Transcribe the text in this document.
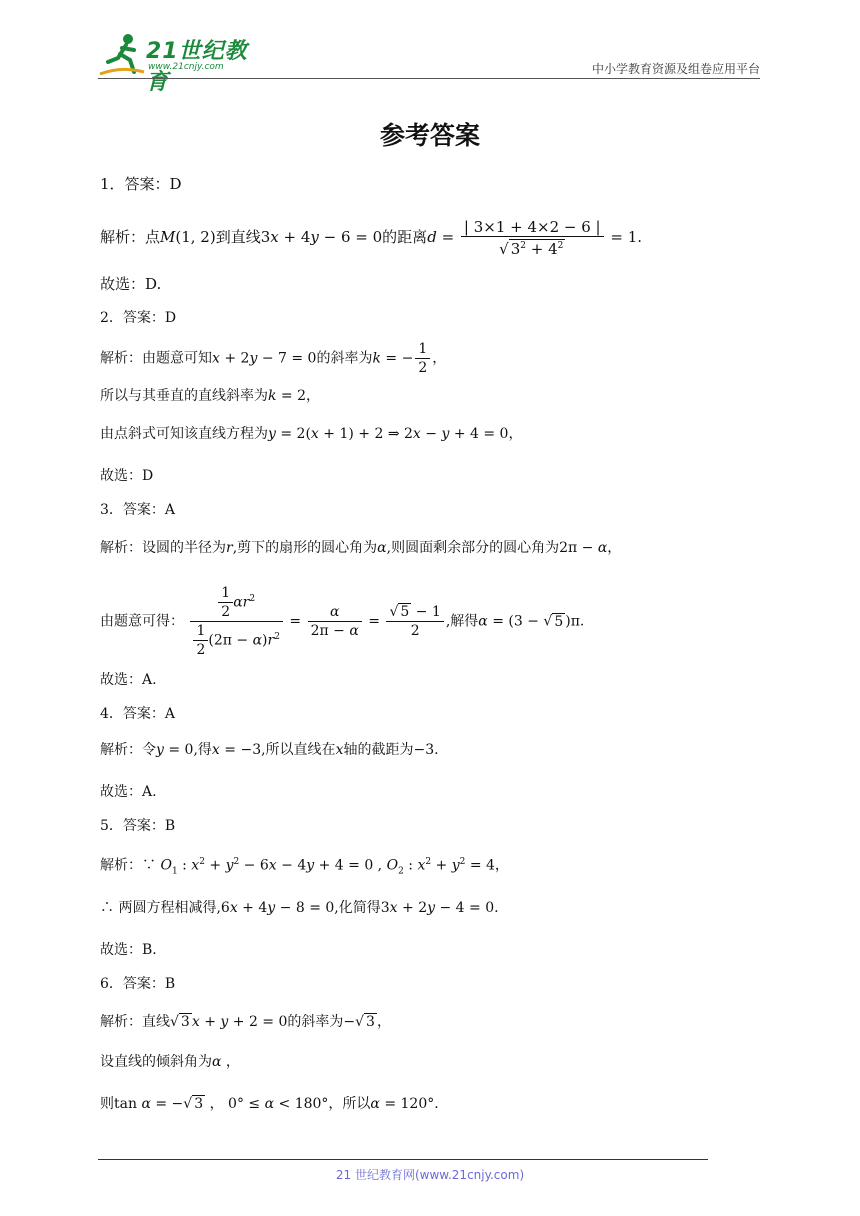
21世纪教育
www.21cnjy.com	中小学教育资源及组卷应用平台
参考答案
1．答案：D
解析：点M(1, 2)到直线3x + 4y − 6 = 0的距离$d = \frac{| 3\times 1 + 4\times 2 - 6 |}{√ 3^2 + 4^2} = 1$.
故选：D.
2．答案：D
解析：由题意可知x + 2y − 7 = 0的斜率为k = − $\frac{1}{2}$ ，
所以与其垂直的直线斜率为k = 2，
由点斜式可知该直线方程为y = 2(x + 1) + 2 ⇒ 2x − y + 4 = 0，
故选：D
3．答案：A
解析：设圆的半径为r,剪下的扇形的圆心角为α,则圆面剩余部分的圆心角为2π − α，
由题意可得： $\frac{\frac{1}{2} \alpha r^2}{\frac{1}{2} (2\pi - \alpha)r^2} = \frac{\alpha}{2\pi - \alpha} = \frac{√ 5 - 1}{2}$ ,解得α = (3 − √ 5 )π.
故选：A.
4．答案：A
解析：令y = 0,得x = −3,所以直线在x轴的截距为−3.
故选：A.
5．答案：B
解析：∵ $O_1$ : $x^2 + y^2 - 6x - 4y + 4 = 0$ , $O_2$ : $x^2 + y^2 = 4$，
∴ 两圆方程相减得,6x + 4y − 8 = 0,化简得3x + 2y − 4 = 0.
故选：B.
6．答案：B
解析：直线√ 3 x + y + 2 = 0的斜率为−√ 3 ，
设直线的倾斜角为α ，
则tan α = −√ 3 ， 0° ≤ α < 180°，所以α = 120°.
21 世纪教育网(www.21cnjy.com)
